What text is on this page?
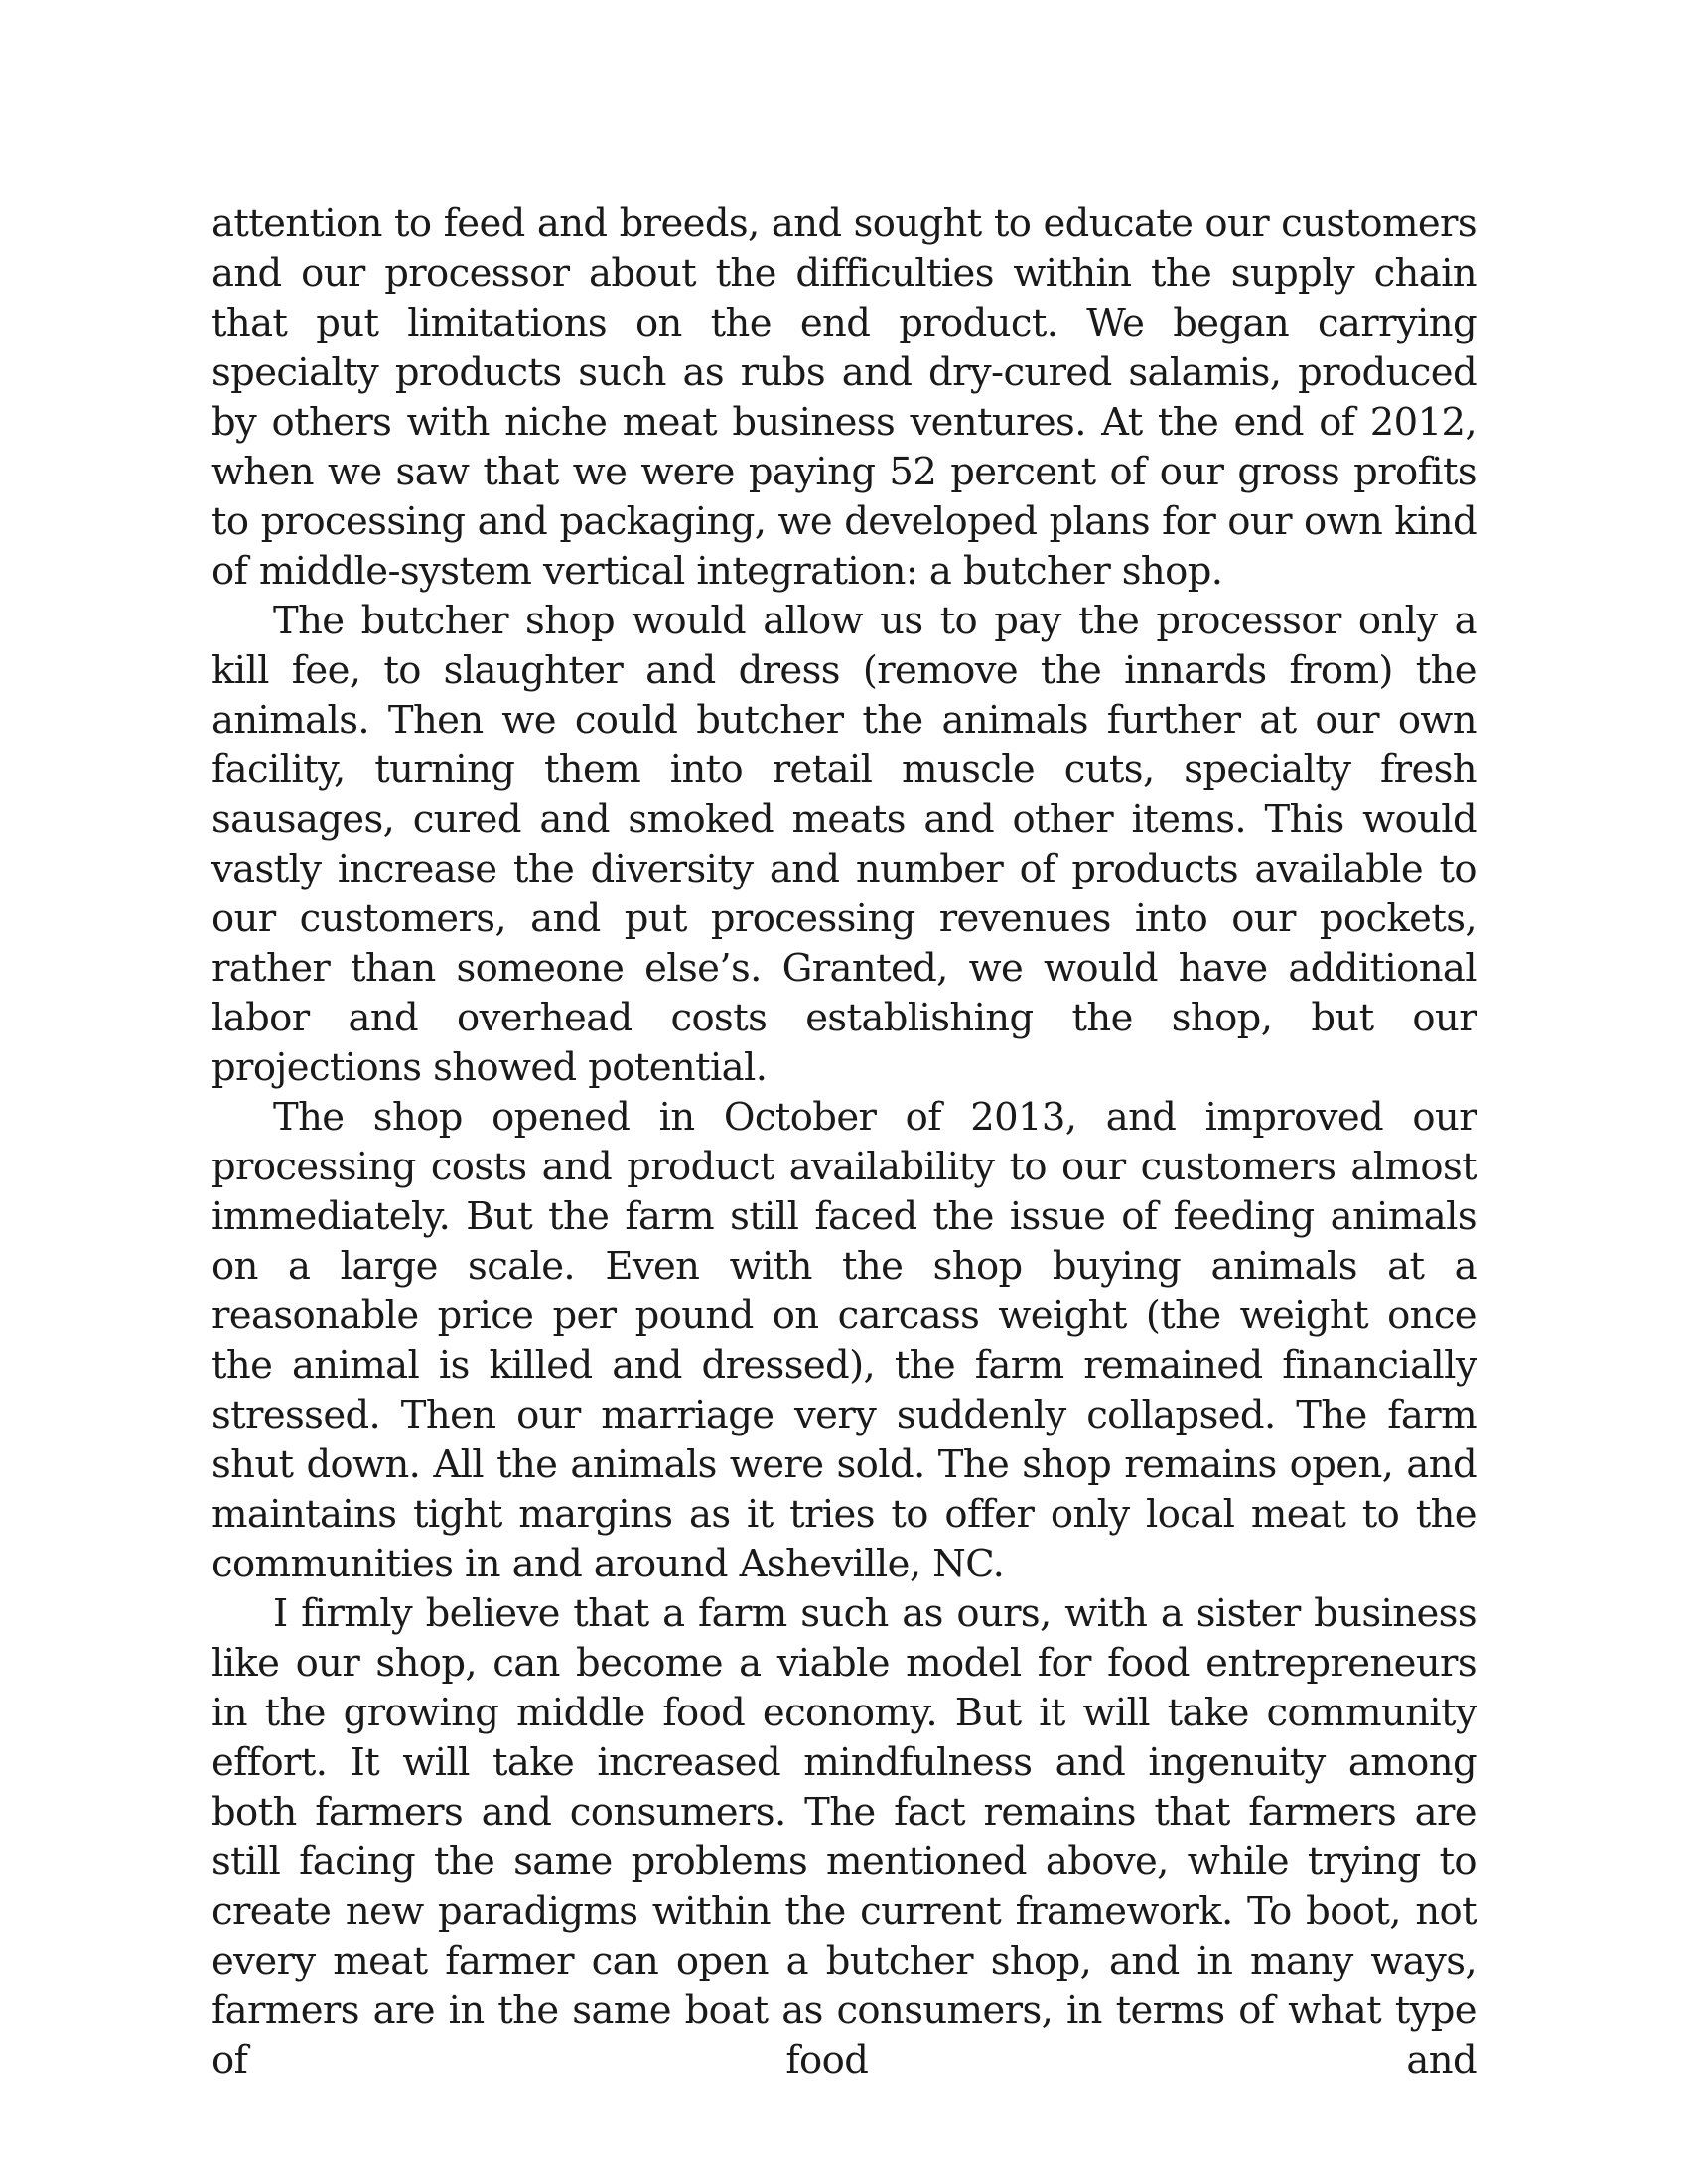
attention to feed and breeds, and sought to educate our customers and our processor about the difficulties within the supply chain that put limitations on the end product. We began carrying specialty products such as rubs and dry-cured salamis, produced by others with niche meat business ventures. At the end of 2012, when we saw that we were paying 52 percent of our gross profits to processing and packaging, we developed plans for our own kind of middle-system vertical integration: a butcher shop.

The butcher shop would allow us to pay the processor only a kill fee, to slaughter and dress (remove the innards from) the animals. Then we could butcher the animals further at our own facility, turning them into retail muscle cuts, specialty fresh sausages, cured and smoked meats and other items. This would vastly increase the diversity and number of products available to our customers, and put processing revenues into our pockets, rather than someone else’s. Granted, we would have additional labor and overhead costs establishing the shop, but our projections showed potential.

The shop opened in October of 2013, and improved our processing costs and product availability to our customers almost immediately. But the farm still faced the issue of feeding animals on a large scale. Even with the shop buying animals at a reasonable price per pound on carcass weight (the weight once the animal is killed and dressed), the farm remained financially stressed. Then our marriage very suddenly collapsed. The farm shut down. All the animals were sold. The shop remains open, and maintains tight margins as it tries to offer only local meat to the communities in and around Asheville, NC.

I firmly believe that a farm such as ours, with a sister business like our shop, can become a viable model for food entrepreneurs in the growing middle food economy. But it will take community effort. It will take increased mindfulness and ingenuity among both farmers and consumers. The fact remains that farmers are still facing the same problems mentioned above, while trying to create new paradigms within the current framework. To boot, not every meat farmer can open a butcher shop, and in many ways, farmers are in the same boat as consumers, in terms of what type of food and
